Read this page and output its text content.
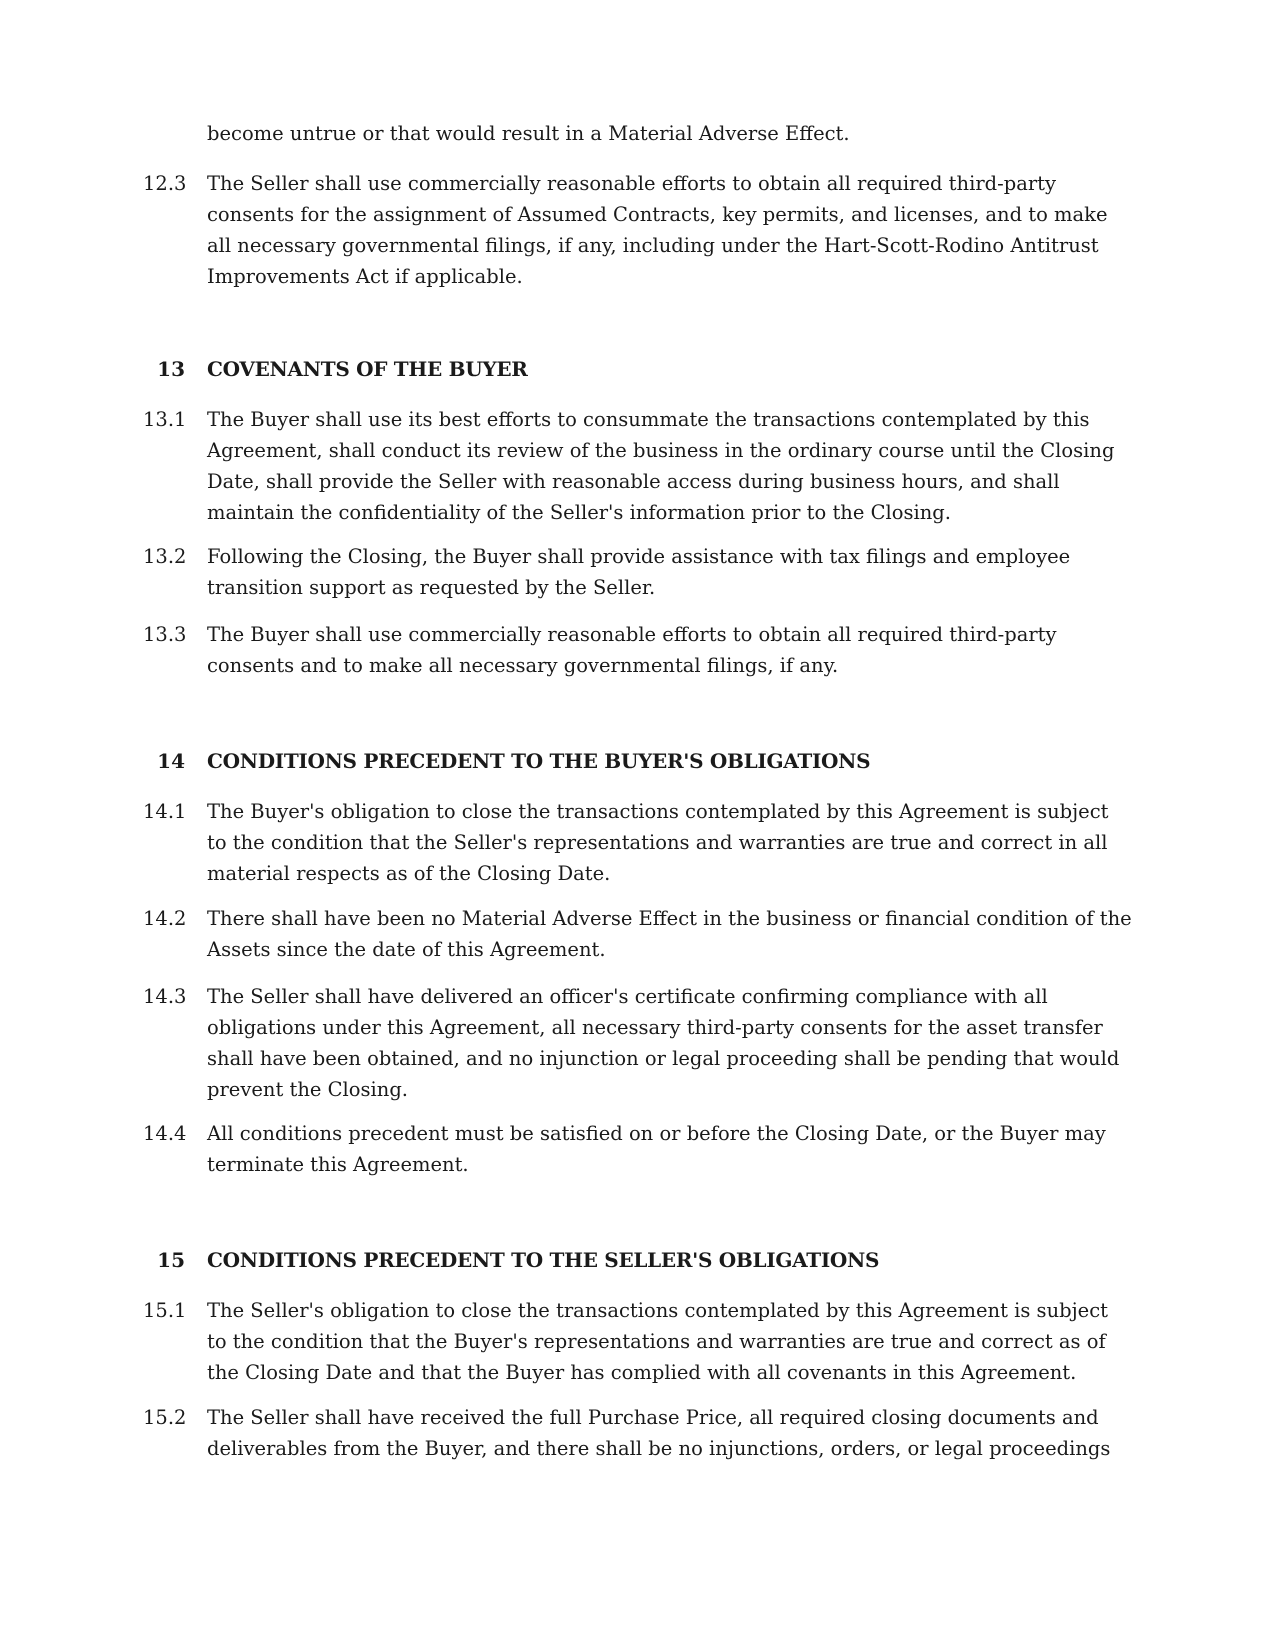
become untrue or that would result in a Material Adverse Effect.

12.3 The Seller shall use commercially reasonable efforts to obtain all required third-party consents for the assignment of Assumed Contracts, key permits, and licenses, and to make all necessary governmental filings, if any, including under the Hart-Scott-Rodino Antitrust Improvements Act if applicable.

13 COVENANTS OF THE BUYER
13.1 The Buyer shall use its best efforts to consummate the transactions contemplated by this Agreement, shall conduct its review of the business in the ordinary course until the Closing Date, shall provide the Seller with reasonable access during business hours, and shall maintain the confidentiality of the Seller's information prior to the Closing.

13.2 Following the Closing, the Buyer shall provide assistance with tax filings and employee transition support as requested by the Seller.

13.3 The Buyer shall use commercially reasonable efforts to obtain all required third-party consents and to make all necessary governmental filings, if any.

14 CONDITIONS PRECEDENT TO THE BUYER'S OBLIGATIONS
14.1 The Buyer's obligation to close the transactions contemplated by this Agreement is subject to the condition that the Seller's representations and warranties are true and correct in all material respects as of the Closing Date.

14.2 There shall have been no Material Adverse Effect in the business or financial condition of the Assets since the date of this Agreement.

14.3 The Seller shall have delivered an officer's certificate confirming compliance with all obligations under this Agreement, all necessary third-party consents for the asset transfer shall have been obtained, and no injunction or legal proceeding shall be pending that would prevent the Closing.

14.4 All conditions precedent must be satisfied on or before the Closing Date, or the Buyer may terminate this Agreement.

15 CONDITIONS PRECEDENT TO THE SELLER'S OBLIGATIONS
15.1 The Seller's obligation to close the transactions contemplated by this Agreement is subject to the condition that the Buyer's representations and warranties are true and correct as of the Closing Date and that the Buyer has complied with all covenants in this Agreement.

15.2 The Seller shall have received the full Purchase Price, all required closing documents and deliverables from the Buyer, and there shall be no injunctions, orders, or legal proceedings
